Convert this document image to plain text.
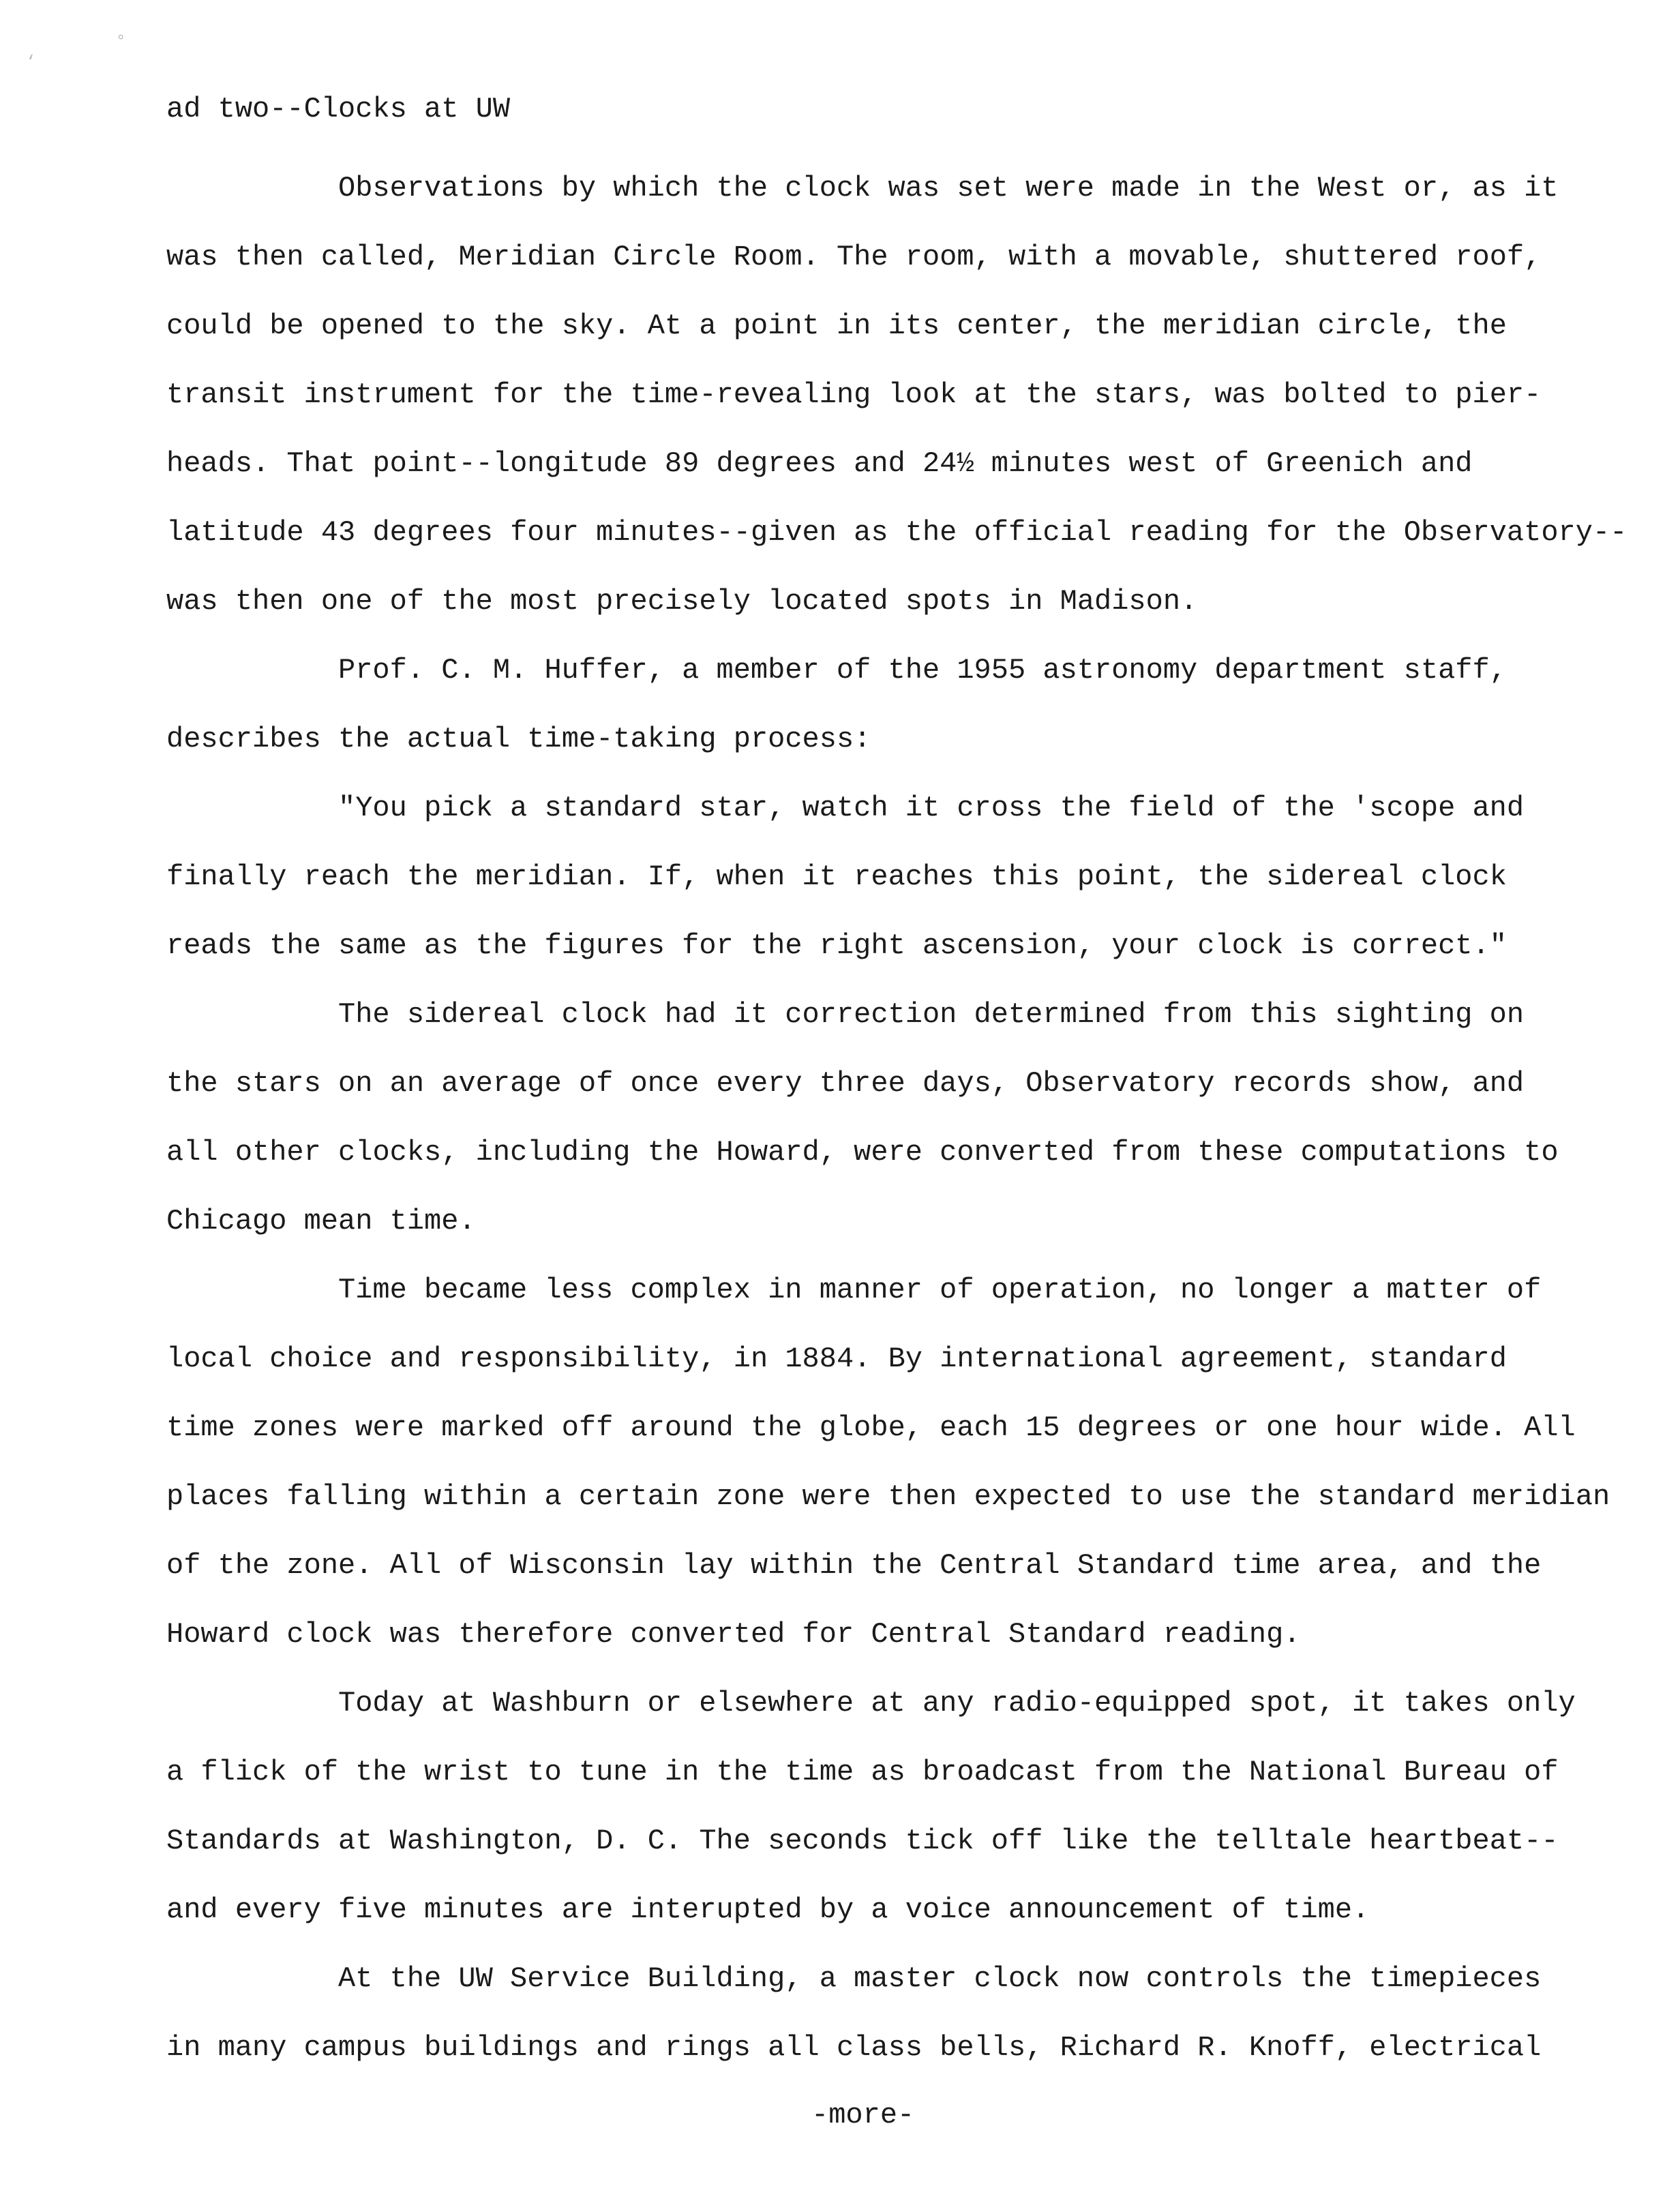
‘
°
ad two--Clocks at UW
Observations by which the clock was set were made in the West or, as it
was then called, Meridian Circle Room. The room, with a movable, shuttered roof,
could be opened to the sky. At a point in its center, the meridian circle, the
transit instrument for the time-revealing look at the stars, was bolted to pier-
heads. That point--longitude 89 degrees and 24½ minutes west of Greenich and
latitude 43 degrees four minutes--given as the official reading for the Observatory--
was then one of the most precisely located spots in Madison.
Prof. C. M. Huffer, a member of the 1955 astronomy department staff,
describes the actual time-taking process:
"You pick a standard star, watch it cross the field of the 'scope and
finally reach the meridian. If, when it reaches this point, the sidereal clock
reads the same as the figures for the right ascension, your clock is correct."
The sidereal clock had it correction determined from this sighting on
the stars on an average of once every three days, Observatory records show, and
all other clocks, including the Howard, were converted from these computations to
Chicago mean time.
Time became less complex in manner of operation, no longer a matter of
local choice and responsibility, in 1884. By international agreement, standard
time zones were marked off around the globe, each 15 degrees or one hour wide. All
places falling within a certain zone were then expected to use the standard meridian
of the zone. All of Wisconsin lay within the Central Standard time area, and the
Howard clock was therefore converted for Central Standard reading.
Today at Washburn or elsewhere at any radio-equipped spot, it takes only
a flick of the wrist to tune in the time as broadcast from the National Bureau of
Standards at Washington, D. C. The seconds tick off like the telltale heartbeat--
and every five minutes are interupted by a voice announcement of time.
At the UW Service Building, a master clock now controls the timepieces
in many campus buildings and rings all class bells, Richard R. Knoff, electrical
-more-
